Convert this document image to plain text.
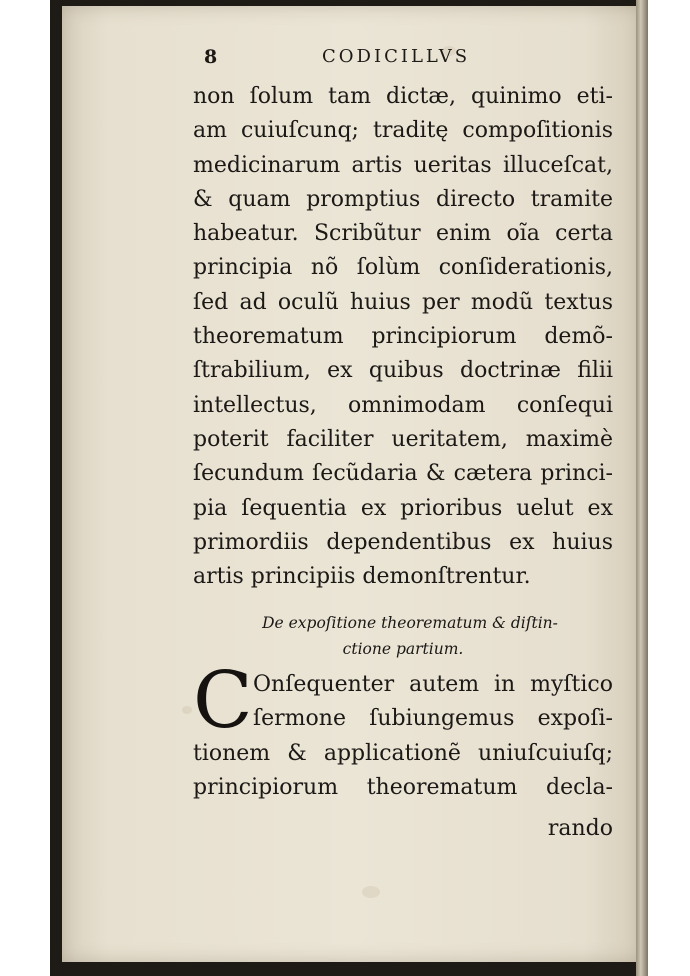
8	CODICILLVS
non ſolum tam dictæ, quinimo eti-
am cuiuſcunq; traditę compoſitionis
medicinarum artis ueritas illuceſcat,
& quam promptius directo tramite
habeatur. Scribũtur enim oĩa certa
principia nõ ſolùm conſiderationis,
ſed ad oculũ huius per modũ textus
theorematum principiorum demõ-
ſtrabilium, ex quibus doctrinæ filii
intellectus, omnimodam conſequi
poterit faciliter ueritatem, maximè
ſecundum ſecũdaria & cætera princi-
pia ſequentia ex prioribus uelut ex
primordiis dependentibus ex huius
artis principiis demonſtrentur.
De expoſitione theorematum & diſtin-
ctione partium.
C Onſequenter autem in myſtico
ſermone ſubiungemus expoſi-
tionem & applicationẽ uniuſcuiuſq;
principiorum theorematum decla-
rando
